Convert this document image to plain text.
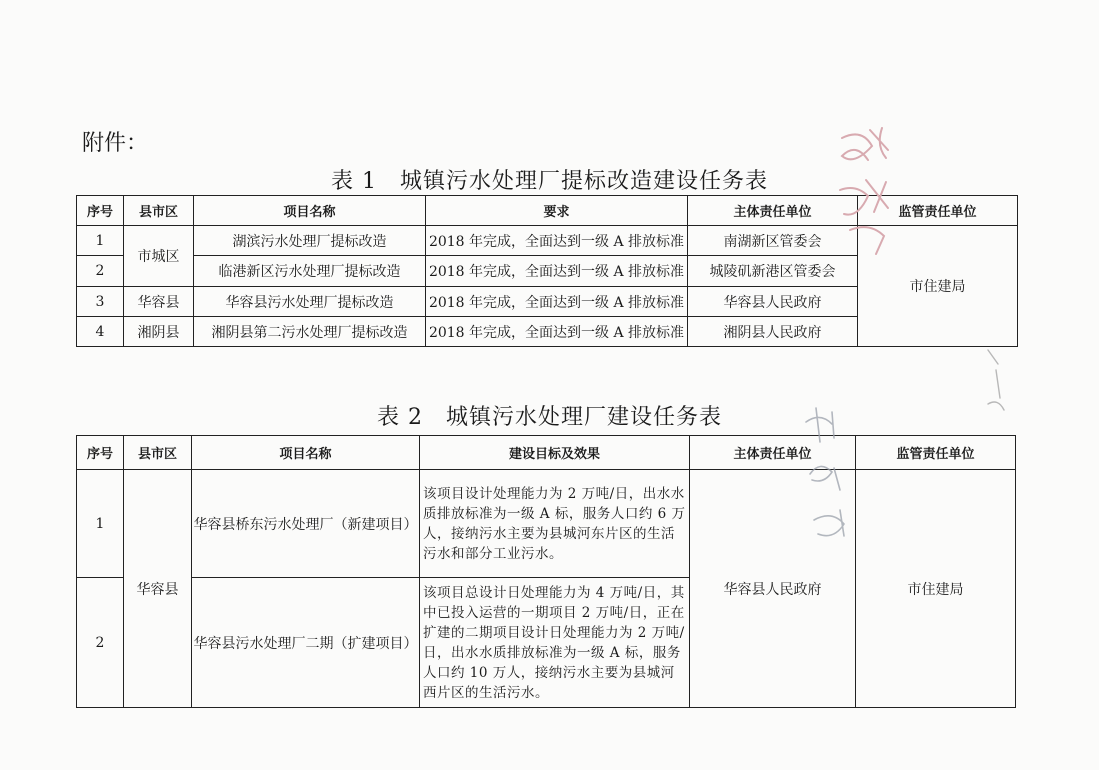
附件：
表 1　城镇污水处理厂提标改造建设任务表
序号	县市区	项目名称	要求	主体责任单位	监管责任单位
1	市城区	湖滨污水处理厂提标改造	2018 年完成，全面达到一级 A 排放标准	南湖新区管委会	市住建局
2		临港新区污水处理厂提标改造	2018 年完成，全面达到一级 A 排放标准	城陵矶新港区管委会	
3	华容县	华容县污水处理厂提标改造	2018 年完成，全面达到一级 A 排放标准	华容县人民政府	
4	湘阴县	湘阴县第二污水处理厂提标改造	2018 年完成，全面达到一级 A 排放标准	湘阴县人民政府	
表 2　城镇污水处理厂建设任务表
序号	县市区	项目名称	建设目标及效果	主体责任单位	监管责任单位
1	华容县	华容县桥东污水处理厂（新建项目）	该项目设计处理能力为 2 万吨/日，出水水质排放标准为一级 A 标，服务人口约 6 万人，接纳污水主要为县城河东片区的生活污水和部分工业污水。	华容县人民政府	市住建局
2		华容县污水处理厂二期（扩建项目）	该项目总设计日处理能力为 4 万吨/日，其中已投入运营的一期项目 2 万吨/日，正在扩建的二期项目设计日处理能力为 2 万吨/日，出水水质排放标准为一级 A 标，服务人口约 10 万人，接纳污水主要为县城河西片区的生活污水。		
